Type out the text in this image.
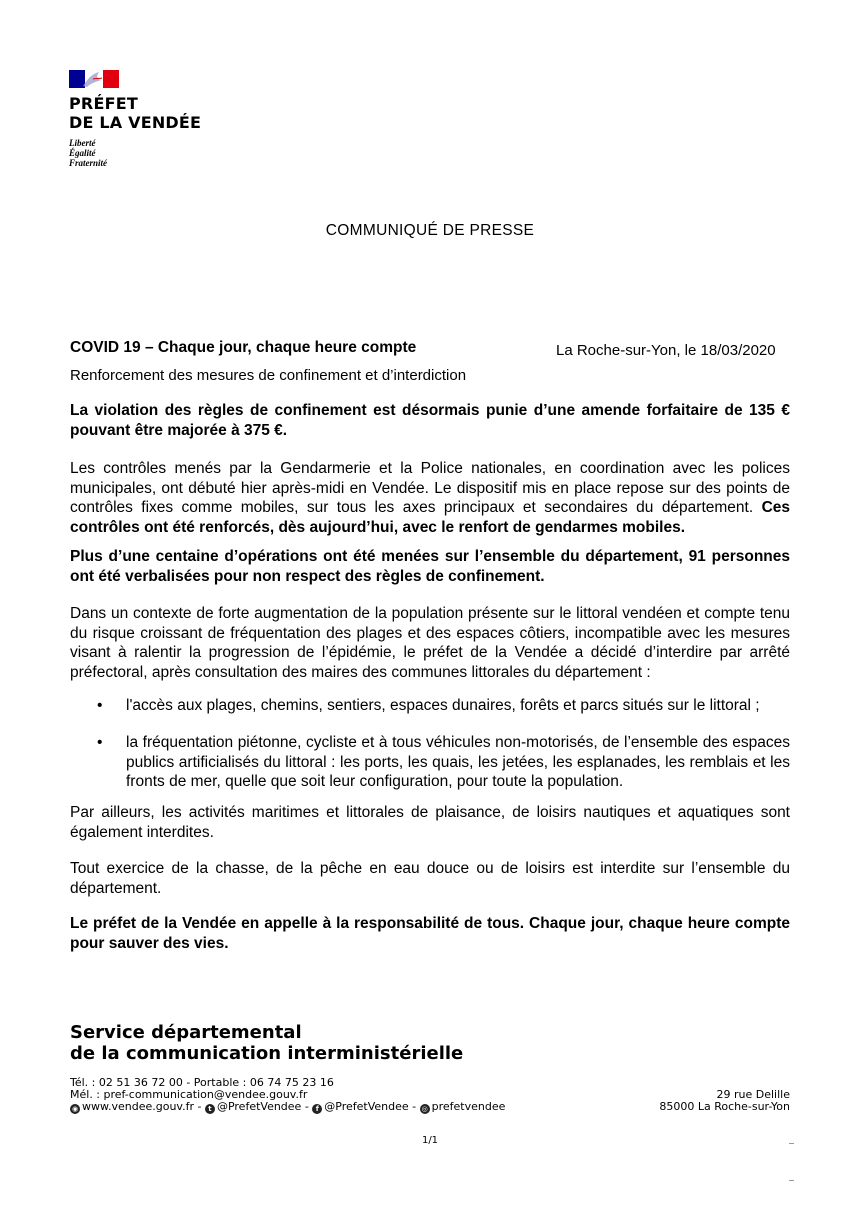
PRÉFET
DE LA VENDÉE
Liberté
Égalité
Fraternité
COMMUNIQUÉ DE PRESSE
COVID 19 – Chaque jour, chaque heure compte	La Roche-sur-Yon, le 18/03/2020
Renforcement des mesures de confinement et d’interdiction

La violation des règles de confinement est désormais punie d’une amende forfaitaire de 135 € pouvant être majorée à 375 €.

Les contrôles menés par la Gendarmerie et la Police nationales, en coordination avec les polices municipales, ont débuté hier après-midi en Vendée. Le dispositif mis en place repose sur des points de contrôles fixes comme mobiles, sur tous les axes principaux et secondaires du département. Ces contrôles ont été renforcés, dès aujourd’hui, avec le renfort de gendarmes mobiles.

Plus d’une centaine d’opérations ont été menées sur l’ensemble du département, 91 personnes ont été verbalisées pour non respect des règles de confinement.

Dans un contexte de forte augmentation de la population présente sur le littoral vendéen et compte tenu du risque croissant de fréquentation des plages et des espaces côtiers, incompatible avec les mesures visant à ralentir la progression de l’épidémie, le préfet de la Vendée a décidé d’interdire par arrêté préfectoral, après consultation des maires des communes littorales du département :

• l'accès aux plages, chemins, sentiers, espaces dunaires, forêts et parcs situés sur le littoral ;
• la fréquentation piétonne, cycliste et à tous véhicules non-motorisés, de l’ensemble des espaces publics artificialisés du littoral : les ports, les quais, les jetées, les esplanades, les remblais et les fronts de mer, quelle que soit leur configuration, pour toute la population.

Par ailleurs, les activités maritimes et littorales de plaisance, de loisirs nautiques et aquatiques sont également interdites.

Tout exercice de la chasse, de la pêche en eau douce ou de loisirs est interdite sur l’ensemble du département.

Le préfet de la Vendée en appelle à la responsabilité de tous. Chaque jour, chaque heure compte pour sauver des vies.

Service départemental
de la communication interministérielle
Tél. : 02 51 36 72 00 - Portable : 06 74 75 23 16
Mél. : pref-communication@vendee.gouv.fr
◉ www.vendee.gouv.fr - t @PrefetVendee - f @PrefetVendee - ◎ prefetvendee
29 rue Delille
85000 La Roche-sur-Yon
1/1
